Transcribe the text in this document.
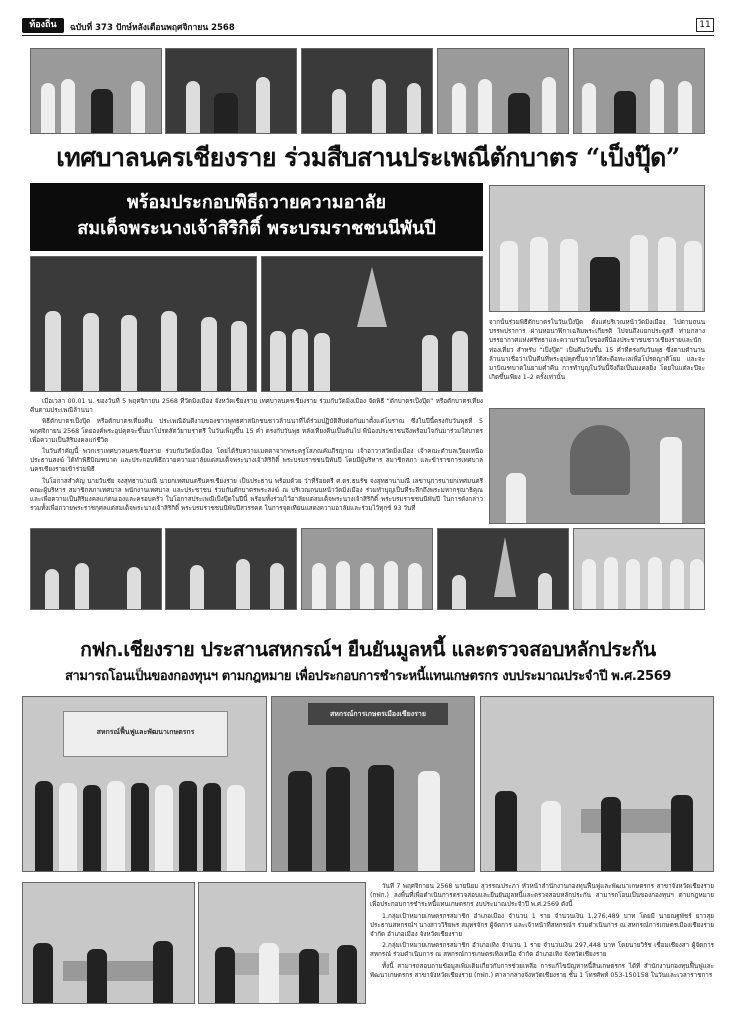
ท้องถิ่น	ฉบับที่ 373 ปักษ์หลังเดือนพฤศจิกายน 2568	11
เทศบาลนครเชียงราย ร่วมสืบสานประเพณีตักบาตร “เป็งปุ๊ด”
พร้อมประกอบพิธีถวายความอาลัย
สมเด็จพระนางเจ้าสิริกิติ์ พระบรมราชชนนีพันปี
จากนั้นร่วมพิธีตักบาตรในวันเป็งปุ๊ด ตั้งแต่บริเวณหน้าวัดมิ่งเมือง ไปตามถนนบรรพปราการ ผ่านหอนาฬิกาเฉลิมพระเกียรติ ไปจนถึงแยกประตูสลี ท่ามกลางบรรยากาศแห่งศรัทธาและความร่วมใจของพี่น้องประชาชนชาวเชียงรายและนักท่องเที่ยว สำหรับ “เป็งปุ๊ด” เป็นคืนวันขึ้น 15 ค่ำที่ตรงกับวันพุธ ซึ่งตามตำนานล้านนาเชื่อว่าเป็นคืนที่พระอุปคุตขึ้นจากใต้สะดือทะเลเพื่อโปรดญาติโยม และจะมาบิณฑบาตในยามค่ำคืน การทำบุญในวันนี้จึงถือเป็นมงคลยิ่ง โดยในแต่ละปีจะเกิดขึ้นเพียง 1–2 ครั้งเท่านั้น

เมื่อเวลา 00.01 น. ของวันที่ 5 พฤศจิกายน 2568 ที่วัดมิ่งเมือง จังหวัดเชียงราย เทศบาลนครเชียงราย ร่วมกับวัดมิ่งเมือง จัดพิธี “ตักบาตรเป็งปุ๊ด” หรือตักบาตรเที่ยงคืนตามประเพณีล้านนา

พิธีตักบาตรเป็งปุ๊ด หรือตักบาตรเที่ยงคืน ประเพณีอันดีงามของชาวพุทธศาสนิกชนชาวล้านนาที่ได้ร่วมปฏิบัติสืบต่อกันมาตั้งแต่โบราณ ซึ่งในปีนี้ตรงกับวันพุธที่ 5 พฤศจิกายน 2568 โดยองค์พระอุปคุตจะขึ้นมาโปรดสัตว์ยามราตรี ในวันเพ็ญขึ้น 15 ค่ำ ตรงกับวันพุธ หลังเที่ยงคืนเป็นต้นไป พี่น้องประชาชนจึงพร้อมใจกันมาร่วมใส่บาตรเพื่อความเป็นสิริมงคลแก่ชีวิต

ในวันสำคัญนี้ พวกเราเทศบาลนครเชียงราย ร่วมกับวัดมิ่งเมือง โดยได้รับความเมตตาจากพระครูโสภณคัมภีรญาณ เจ้าอาวาสวัดมิ่งเมือง เจ้าคณะตำบลเวียงเหนือ ประธานสงฆ์ ได้ทำพิธีบิณฑบาต และประกอบพิธีถวายความอาลัยแด่สมเด็จพระนางเจ้าสิริกิติ์ พระบรมราชชนนีพันปี โดยมีผู้บริหาร สมาชิกสภา และข้าราชการเทศบาลนครเชียงรายเข้าร่วมพิธี

ในโอกาสสำคัญ นายวันชัย จงสุทธานามณี นายกเทศมนตรีนครเชียงราย เป็นประธาน พร้อมด้วย ว่าที่ร้อยตรี ศ.ดร.ธนรัช จงสุทธานามณี เลขานุการนายกเทศมนตรี คณะผู้บริหาร สมาชิกสภาเทศบาล พนักงานเทศบาล และประชาชน ร่วมกันตักบาตรพระสงฆ์ ณ บริเวณถนนหน้าวัดมิ่งเมือง ร่วมทำบุญเป็นที่ระลึกถึงพระมหากรุณาธิคุณ และเพื่อความเป็นสิริมงคลแก่ตนเองและครอบครัว ในโอกาสประเพณีเป็งปุ๊ดในปีนี้ พร้อมทั้งร่วมไว้อาลัยแด่สมเด็จพระนางเจ้าสิริกิติ์ พระบรมราชชนนีพันปี ในการดังกล่าว รวมทั้งเพื่อถวายพระราชกุศลแด่สมเด็จพระนางเจ้าสิริกิติ์ พระบรมราชชนนีพันปีสวรรคต ในการจุดเทียนแสดงความอาลัยและร่วมไว้ทุกข์ 93 วันที่

กฟก.เชียงราย ประสานสหกรณ์ฯ ยืนยันมูลหนี้ และตรวจสอบหลักประกัน
สามารถโอนเป็นของกองทุนฯ ตามกฎหมาย เพื่อประกอบการชำระหนี้แทนเกษตรกร งบประมาณประจำปี พ.ศ.2569
สหกรณ์ฟื้นฟูและพัฒนาเกษตรกร
สหกรณ์การเกษตรเมืองเชียงราย

วันที่ 7 พฤศจิกายน 2568 นายนิยม สุวรรณประภา หัวหน้าสำนักงานกองทุนฟื้นฟูและพัฒนาเกษตรกร สาขาจังหวัดเชียงราย (กฟก.) ลงพื้นที่เพื่อดำเนินการตรวจสอบและยืนยันมูลหนี้และตรวจสอบหลักประกัน สามารถโอนเป็นของกองทุนฯ ตามกฎหมาย เพื่อประกอบการชำระหนี้แทนเกษตรกร งบประมาณประจำปี พ.ศ.2569 ดังนี้

1.กลุ่มเป้าหมายเกษตรกรสมาชิก อำเภอเมือง จำนวน 1 ราย จำนวนเงิน 1,276,489 บาท โดยมี นายณฐพัชร์ ยาวสุย ประธานสหกรณ์ฯ นางสาววิริยพร สมุทรจักร ผู้จัดการ และเจ้าหน้าที่สหกรณ์ฯ ร่วมดำเนินการ ณ สหกรณ์การเกษตรเมืองเชียงราย จำกัด อำเภอเมือง จังหวัดเชียงราย

2.กลุ่มเป้าหมายเกษตรกรสมาชิก อำเภอเทิง จำนวน 1 ราย จำนวนเงิน 297,448 บาท โดยนายวิรัช เชื่อมเชียงสา ผู้จัดการสหกรณ์ ร่วมดำเนินการ ณ สหกรณ์การเกษตรเทิงเหนือ จำกัด อำเภอเทิง จังหวัดเชียงราย

ทั้งนี้ สามารถสอบถามข้อมูลเพิ่มเติมเกี่ยวกับการช่วยเหลือ การแก้ไขปัญหาหนี้สินเกษตรกร ได้ที่ สำนักงานกองทุนฟื้นฟูและพัฒนาเกษตรกร สาขาจังหวัดเชียงราย (กฟก.) ศาลากลางจังหวัดเชียงราย ชั้น 1 โทรศัพท์ 053-150158 ในวันและเวลาราชการ
